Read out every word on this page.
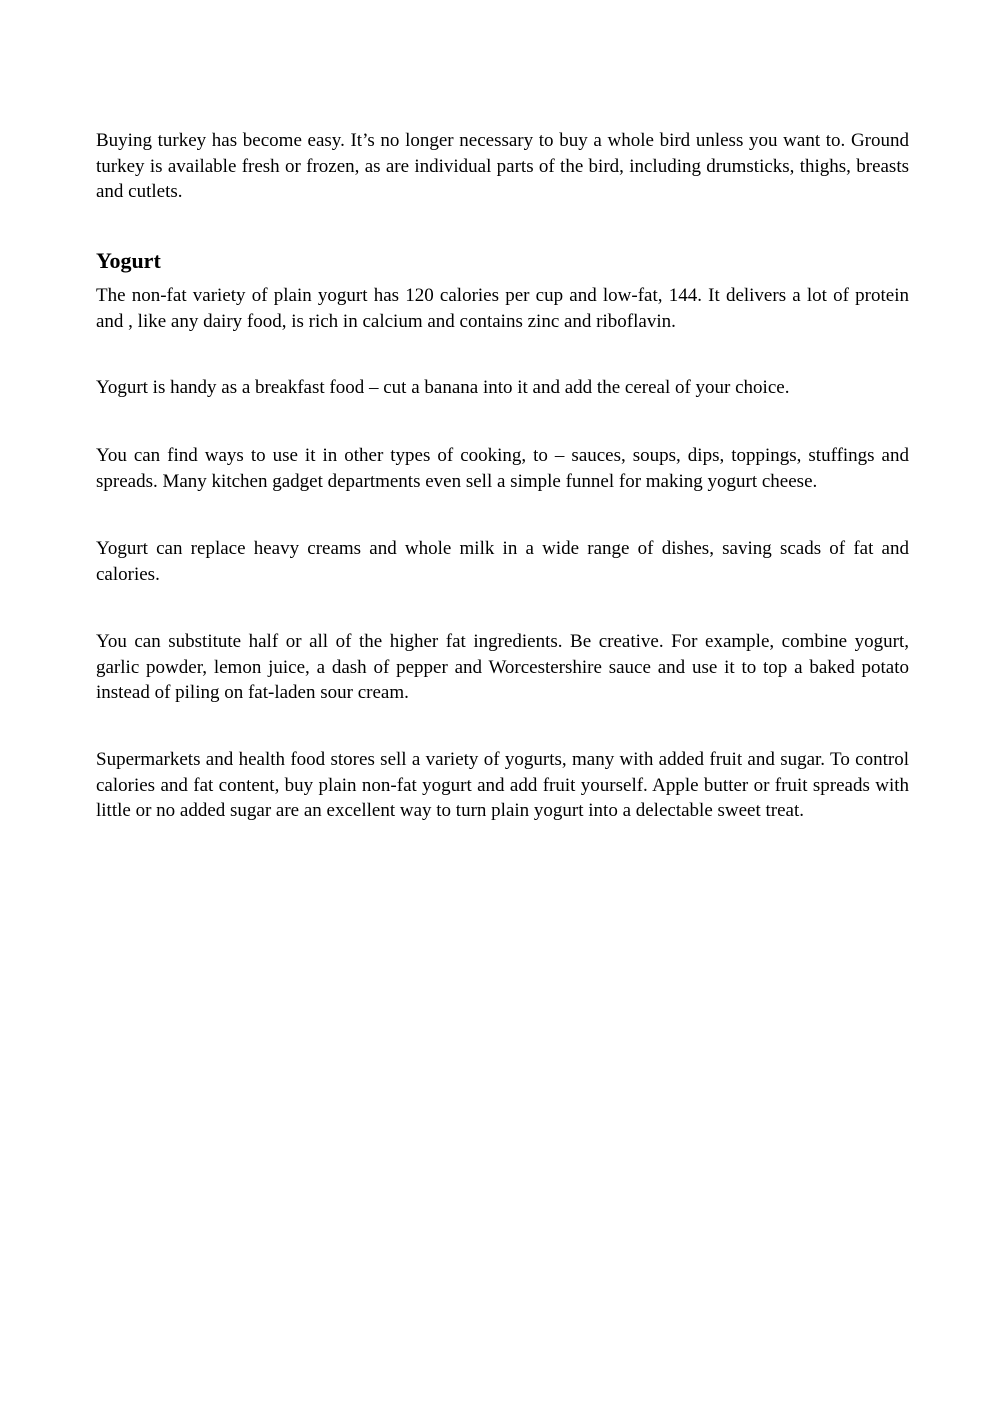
Buying turkey has become easy. It’s no longer necessary to buy a whole bird unless you want to. Ground turkey is available fresh or frozen, as are individual parts of the bird, including drumsticks, thighs, breasts and cutlets.

Yogurt

The non-fat variety of plain yogurt has 120 calories per cup and low-fat, 144. It delivers a lot of protein and , like any dairy food, is rich in calcium and contains zinc and riboflavin.

Yogurt is handy as a breakfast food – cut a banana into it and add the cereal of your choice.

You can find ways to use it in other types of cooking, to – sauces, soups, dips, toppings, stuffings and spreads. Many kitchen gadget departments even sell a simple funnel for making yogurt cheese.

Yogurt can replace heavy creams and whole milk in a wide range of dishes, saving scads of fat and calories.

You can substitute half or all of the higher fat ingredients. Be creative. For example, combine yogurt, garlic powder, lemon juice, a dash of pepper and Worcestershire sauce and use it to top a baked potato instead of piling on fat-laden sour cream.

Supermarkets and health food stores sell a variety of yogurts, many with added fruit and sugar. To control calories and fat content, buy plain non-fat yogurt and add fruit yourself. Apple butter or fruit spreads with little or no added sugar are an excellent way to turn plain yogurt into a delectable sweet treat.
